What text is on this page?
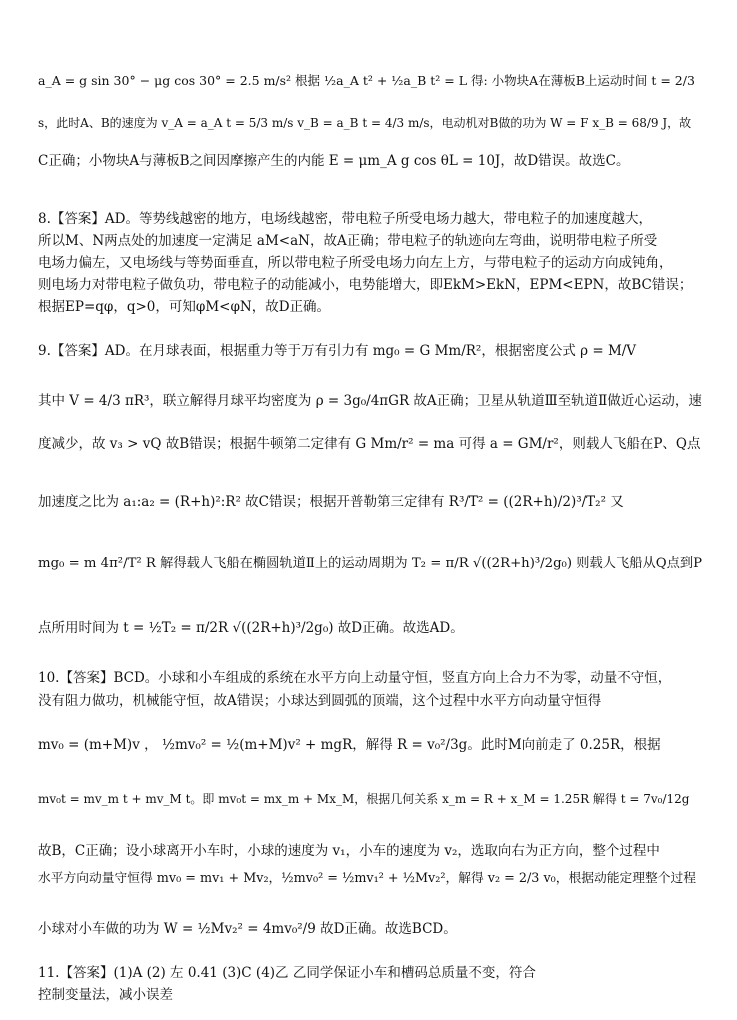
a_A = g sin 30° − μg cos 30° = 2.5 m/s² 根据 ½a_A t² + ½a_B t² = L 得: 小物块A在薄板B上运动时间 t = 2/3
s，此时A、B的速度为 v_A = a_A t = 5/3 m/s v_B = a_B t = 4/3 m/s，电动机对B做的功为 W = F x_B = 68/9 J，故
C正确；小物块A与薄板B之间因摩擦产生的内能 E = μm_A g cos θL = 10J，故D错误。故选C。
8.【答案】AD。等势线越密的地方，电场线越密，带电粒子所受电场力越大，带电粒子的加速度越大，
所以M、N两点处的加速度一定满足 aM<aN，故A正确；带电粒子的轨迹向左弯曲，说明带电粒子所受
电场力偏左，又电场线与等势面垂直，所以带电粒子所受电场力向左上方，与带电粒子的运动方向成钝角，
则电场力对带电粒子做负功，带电粒子的动能减小，电势能增大，即EkM>EkN，EPM<EPN，故BC错误；
根据EP=qφ，q>0，可知φM<φN，故D正确。
9.【答案】AD。在月球表面，根据重力等于万有引力有 mg₀ = G Mm/R²，根据密度公式 ρ = M/V
其中 V = 4/3 πR³，联立解得月球平均密度为 ρ = 3g₀/4πGR 故A正确；卫星从轨道Ⅲ至轨道Ⅱ做近心运动，速
度减少，故 v₃ > vQ 故B错误；根据牛顿第二定律有 G Mm/r² = ma 可得 a = GM/r²，则载人飞船在P、Q点
加速度之比为 a₁:a₂ = (R+h)²:R² 故C错误；根据开普勒第三定律有 R³/T² = ((2R+h)/2)³/T₂² 又
mg₀ = m 4π²/T² R 解得载人飞船在椭圆轨道Ⅱ上的运动周期为 T₂ = π/R √((2R+h)³/2g₀) 则载人飞船从Q点到P
点所用时间为 t = ½T₂ = π/2R √((2R+h)³/2g₀) 故D正确。故选AD。
10.【答案】BCD。小球和小车组成的系统在水平方向上动量守恒，竖直方向上合力不为零，动量不守恒，
没有阻力做功，机械能守恒，故A错误；小球达到圆弧的顶端，这个过程中水平方向动量守恒得
mv₀ = (m+M)v ， ½mv₀² = ½(m+M)v² + mgR，解得 R = v₀²/3g。此时M向前走了 0.25R，根据
mv₀t = mv_m t + mv_M t。即 mv₀t = mx_m + Mx_M，根据几何关系 x_m = R + x_M = 1.25R 解得 t = 7v₀/12g
故B，C正确；设小球离开小车时，小球的速度为 v₁，小车的速度为 v₂，选取向右为正方向，整个过程中
水平方向动量守恒得 mv₀ = mv₁ + Mv₂，½mv₀² = ½mv₁² + ½Mv₂²，解得 v₂ = 2/3 v₀，根据动能定理整个过程
小球对小车做的功为 W = ½Mv₂² = 4mv₀²/9 故D正确。故选BCD。
11.【答案】(1)A (2) 左 0.41 (3)C (4)乙 乙同学保证小车和槽码总质量不变，符合
控制变量法，减小误差
